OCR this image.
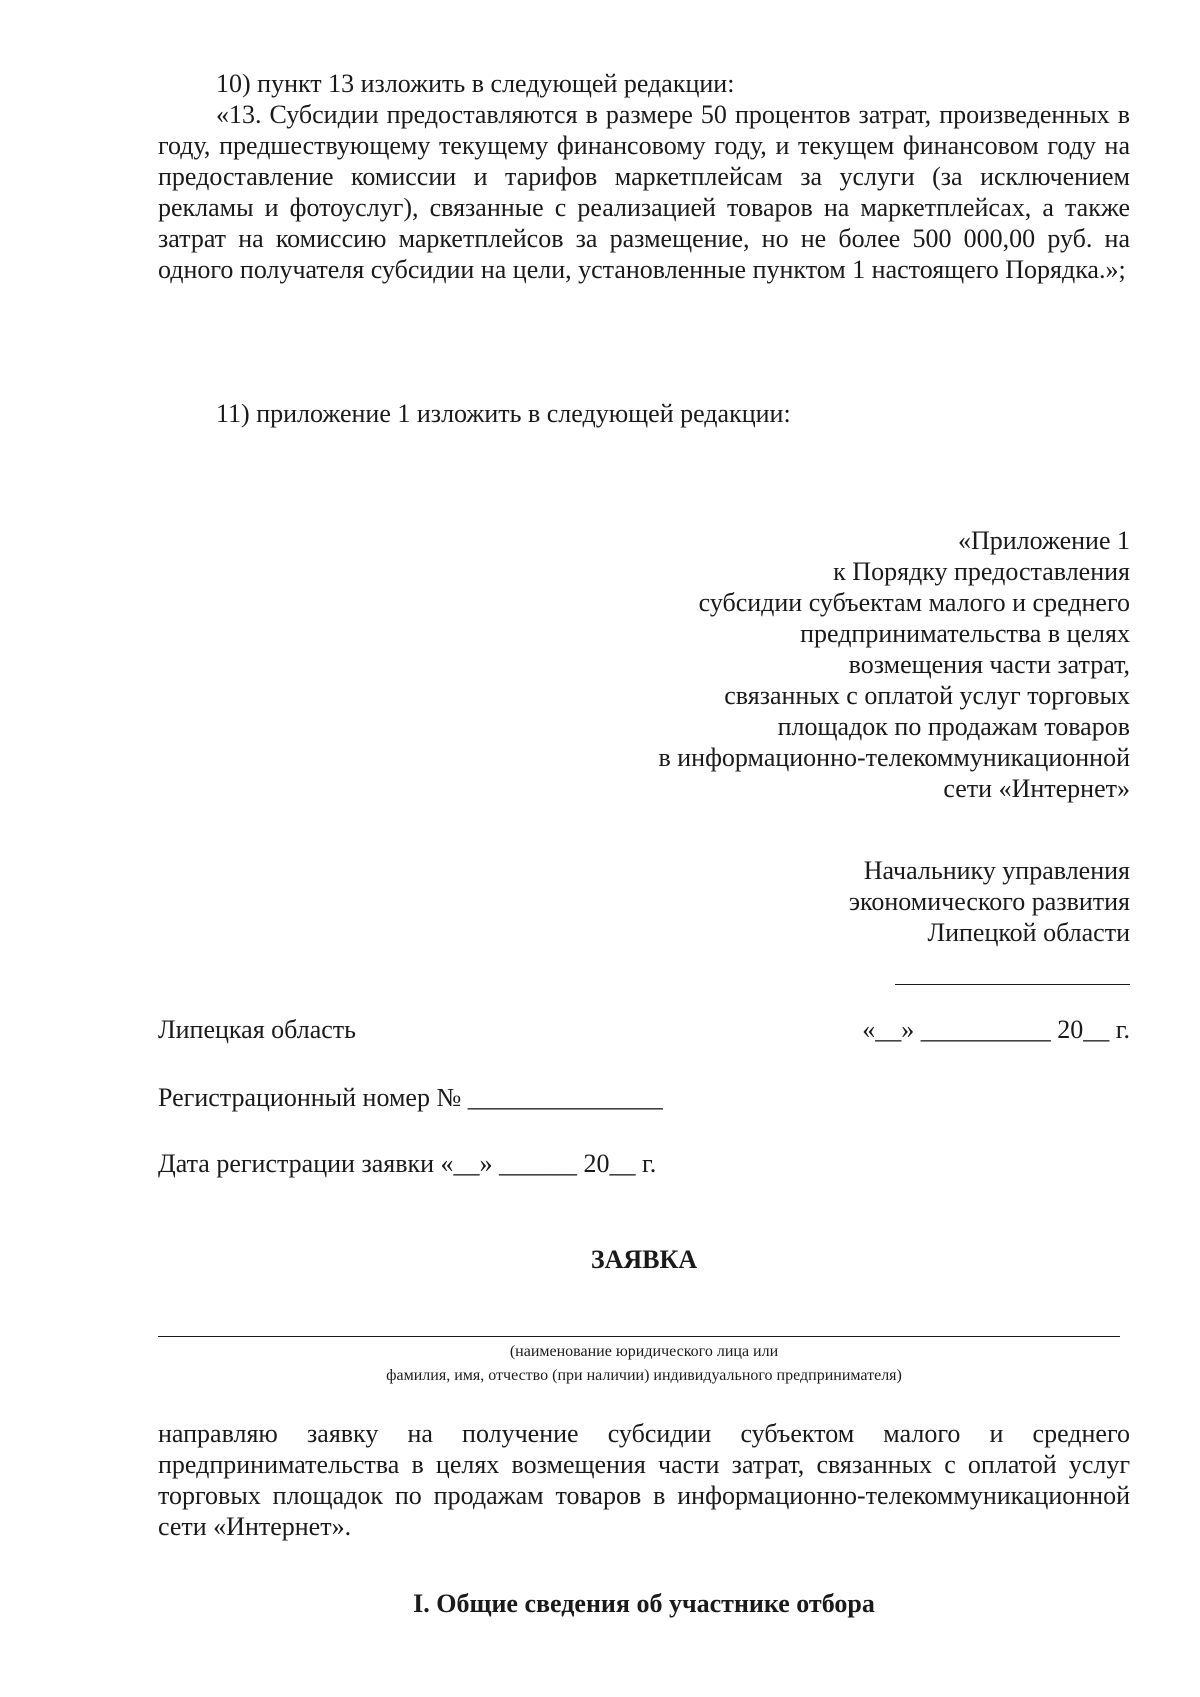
10) пункт 13 изложить в следующей редакции:

«13. Субсидии предоставляются в размере 50 процентов затрат, произведенных в году, предшествующему текущему финансовому году, и текущем финансовом году на предоставление комиссии и тарифов маркетплейсам за услуги (за исключением рекламы и фотоуслуг), связанные с реализацией товаров на маркетплейсах, а также затрат на комиссию маркетплейсов за размещение, но не более 500 000,00 руб. на одного получателя субсидии на цели, установленные пунктом 1 настоящего Порядка.»;

11) приложение 1 изложить в следующей редакции:

«Приложение 1
к Порядку предоставления
субсидии субъектам малого и среднего
предпринимательства в целях
возмещения части затрат,
связанных с оплатой услуг торговых
площадок по продажам товаров
в информационно-телекоммуникационной
сети «Интернет»
Начальнику управления
экономического развития
Липецкой области

Липецкая область	«__» __________ 20__ г.

Регистрационный номер № _______________

Дата регистрации заявки «__» ______ 20__ г.

ЗАЯВКА

(наименование юридического лица или
фамилия, имя, отчество (при наличии) индивидуального предпринимателя)

направляю заявку на получение субсидии субъектом малого и среднего предпринимательства в целях возмещения части затрат, связанных с оплатой услуг торговых площадок по продажам товаров в информационно-телекоммуникационной сети «Интернет».

I. Общие сведения об участнике отбора
